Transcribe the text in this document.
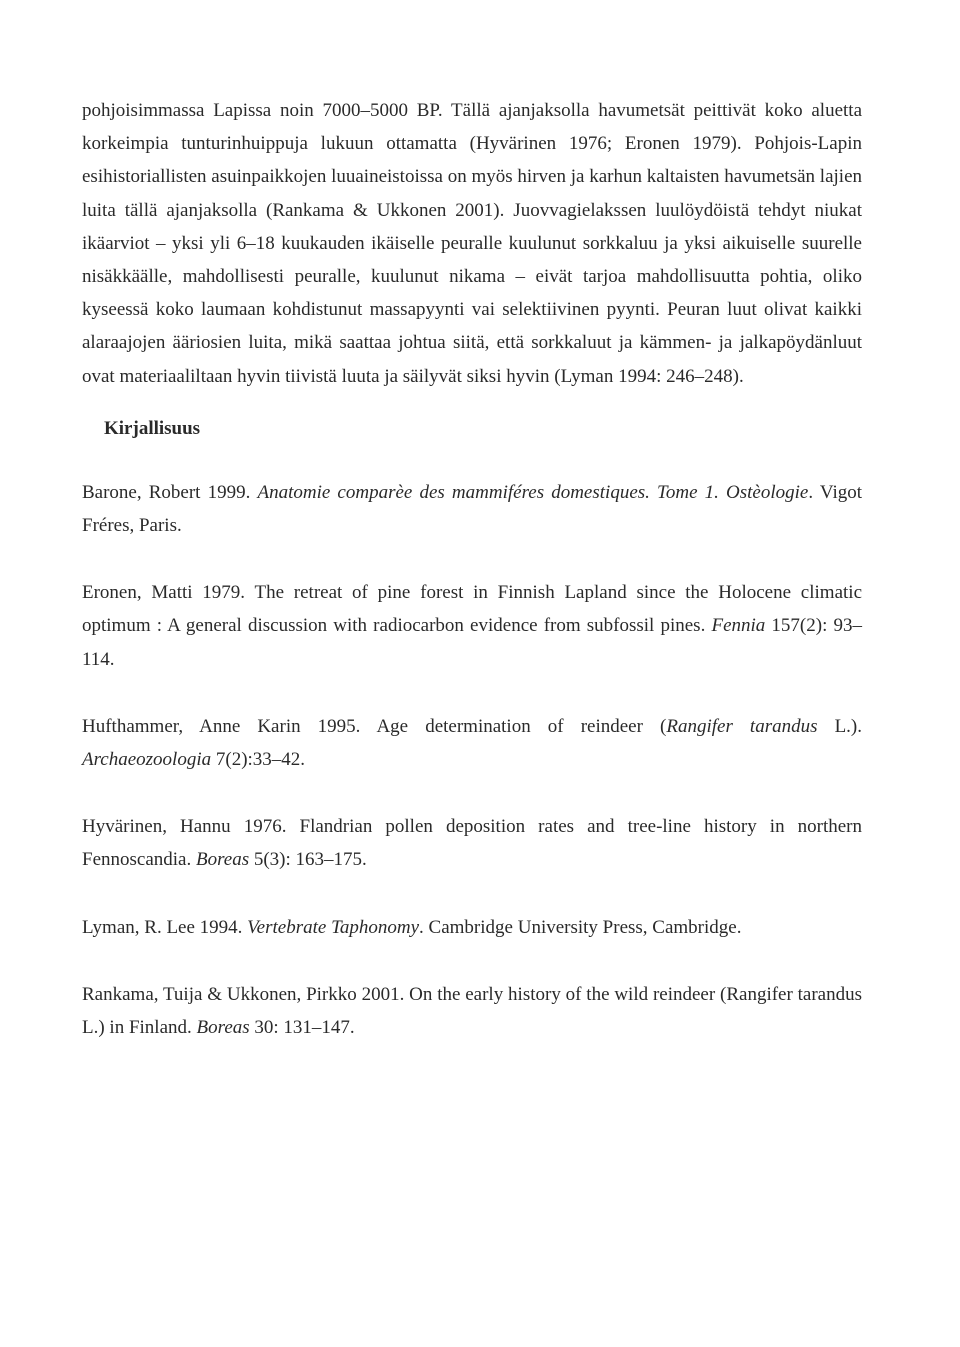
pohjoisimmassa Lapissa noin 7000–5000 BP. Tällä ajanjaksolla havumetsät peittivät koko aluetta korkeimpia tunturinhuippuja lukuun ottamatta (Hyvärinen 1976; Eronen 1979). Pohjois-Lapin esihistoriallisten asuinpaikkojen luuaineistoissa on myös hirven ja karhun kaltaisten havumetsän lajien luita tällä ajanjaksolla (Rankama & Ukkonen 2001). Juovvagielakssen luulöydöistä tehdyt niukat ikäarviot – yksi yli 6–18 kuukauden ikäiselle peuralle kuulunut sorkkaluu ja yksi aikuiselle suurelle nisäkkäälle, mahdollisesti peuralle, kuulunut nikama – eivät tarjoa mahdollisuutta pohtia, oliko kyseessä koko laumaan kohdistunut massapyynti vai selektiivinen pyynti. Peuran luut olivat kaikki alaraajojen ääriosien luita, mikä saattaa johtua siitä, että sorkkaluut ja kämmen- ja jalkapöydänluut ovat materiaaliltaan hyvin tiivistä luuta ja säilyvät siksi hyvin (Lyman 1994: 246–248).

Kirjallisuus

Barone, Robert 1999. Anatomie comparèe des mammiféres domestiques. Tome 1. Ostèologie. Vigot Fréres, Paris.

Eronen, Matti 1979. The retreat of pine forest in Finnish Lapland since the Holocene climatic optimum : A general discussion with radiocarbon evidence from subfossil pines. Fennia 157(2): 93–114.

Hufthammer, Anne Karin 1995. Age determination of reindeer (Rangifer tarandus L.). Archaeozoologia 7(2):33–42.

Hyvärinen, Hannu 1976. Flandrian pollen deposition rates and tree-line history in northern Fennoscandia. Boreas 5(3): 163–175.

Lyman, R. Lee 1994. Vertebrate Taphonomy. Cambridge University Press, Cambridge.

Rankama, Tuija & Ukkonen, Pirkko 2001. On the early history of the wild reindeer (Rangifer tarandus L.) in Finland. Boreas 30: 131–147.
